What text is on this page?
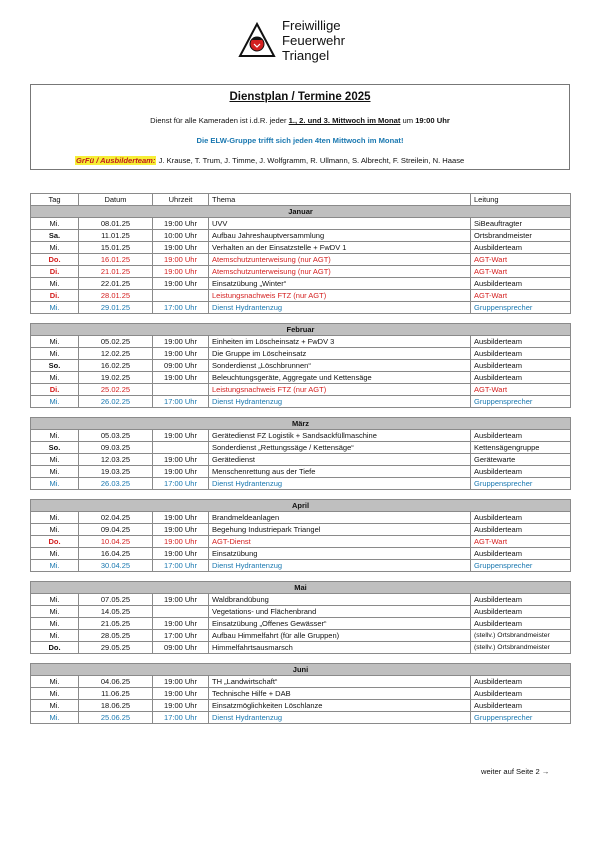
Freiwillige
Feuerwehr
Triangel
Dienstplan / Termine 2025
Dienst für alle Kameraden ist i.d.R. jeder 1., 2. und 3. Mittwoch im Monat um 19:00 Uhr
Die ELW-Gruppe trifft sich jeden 4ten Mittwoch im Monat!
GrFü / Ausbilderteam: J. Krause, T. Trum, J. Timme, J. Wolfgramm, R. Ullmann, S. Albrecht, F. Streilein, N. Haase
Tag	Datum	Uhrzeit	Thema	Leitung
Januar				
Mi.	08.01.25	19:00 Uhr	UVV	SiBeauftragter
Sa.	11.01.25	10:00 Uhr	Aufbau Jahreshauptversammlung	Ortsbrandmeister
Mi.	15.01.25	19:00 Uhr	Verhalten an der Einsatzstelle + FwDV 1	Ausbilderteam
Do.	16.01.25	19:00 Uhr	Atemschutzunterweisung (nur AGT)	AGT-Wart
Di.	21.01.25	19:00 Uhr	Atemschutzunterweisung (nur AGT)	AGT-Wart
Mi.	22.01.25	19:00 Uhr	Einsatzübung „Winter“	Ausbilderteam
Di.	28.01.25		Leistungsnachweis FTZ (nur AGT)	AGT-Wart
Mi.	29.01.25	17:00 Uhr	Dienst Hydrantenzug	Gruppensprecher

Februar				
Mi.	05.02.25	19:00 Uhr	Einheiten im Löscheinsatz + FwDV 3	Ausbilderteam
Mi.	12.02.25	19:00 Uhr	Die Gruppe im Löscheinsatz	Ausbilderteam
So.	16.02.25	09:00 Uhr	Sonderdienst „Löschbrunnen“	Ausbilderteam
Mi.	19.02.25	19:00 Uhr	Beleuchtungsgeräte, Aggregate und Kettensäge	Ausbilderteam
Di.	25.02.25		Leistungsnachweis FTZ (nur AGT)	AGT-Wart
Mi.	26.02.25	17:00 Uhr	Dienst Hydrantenzug	Gruppensprecher

März				
Mi.	05.03.25	19:00 Uhr	Gerätedienst FZ Logistik + Sandsackfüllmaschine	Ausbilderteam
So.	09.03.25		Sonderdienst „Rettungssäge / Kettensäge“	Kettensägengruppe
Mi.	12.03.25	19:00 Uhr	Gerätedienst	Gerätewarte
Mi.	19.03.25	19:00 Uhr	Menschenrettung aus der Tiefe	Ausbilderteam
Mi.	26.03.25	17:00 Uhr	Dienst Hydrantenzug	Gruppensprecher

April				
Mi.	02.04.25	19:00 Uhr	Brandmeldeanlagen	Ausbilderteam
Mi.	09.04.25	19:00 Uhr	Begehung Industriepark Triangel	Ausbilderteam
Do.	10.04.25	19:00 Uhr	AGT-Dienst	AGT-Wart
Mi.	16.04.25	19:00 Uhr	Einsatzübung	Ausbilderteam
Mi.	30.04.25	17:00 Uhr	Dienst Hydrantenzug	Gruppensprecher

Mai				
Mi.	07.05.25	19:00 Uhr	Waldbrandübung	Ausbilderteam
Mi.	14.05.25		Vegetations- und Flächenbrand	Ausbilderteam
Mi.	21.05.25	19:00 Uhr	Einsatzübung „Offenes Gewässer“	Ausbilderteam
Mi.	28.05.25	17:00 Uhr	Aufbau Himmelfahrt (für alle Gruppen)	(stellv.) Ortsbrandmeister
Do.	29.05.25	09:00 Uhr	Himmelfahrtsausmarsch	(stellv.) Ortsbrandmeister

Juni				
Mi.	04.06.25	19:00 Uhr	TH „Landwirtschaft“	Ausbilderteam
Mi.	11.06.25	19:00 Uhr	Technische Hilfe + DAB	Ausbilderteam
Mi.	18.06.25	19:00 Uhr	Einsatzmöglichkeiten Löschlanze	Ausbilderteam
Mi.	25.06.25	17:00 Uhr	Dienst Hydrantenzug	Gruppensprecher
weiter auf Seite 2 →
